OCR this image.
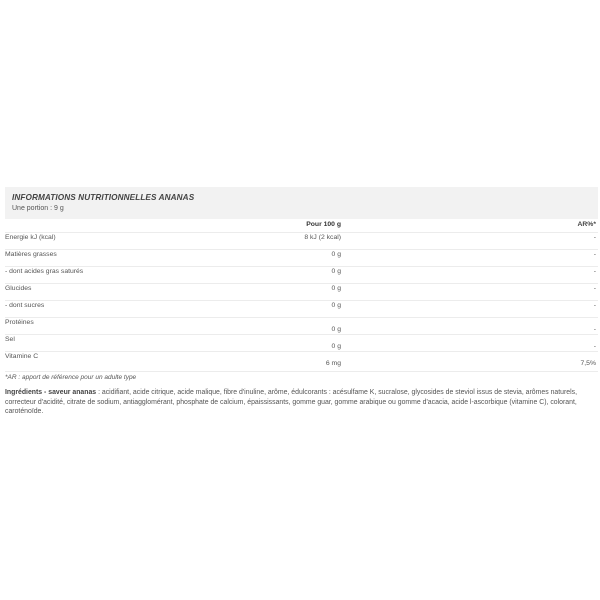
INFORMATIONS NUTRITIONNELLES ANANAS
Une portion : 9 g
	Pour 100 g	AR%*

Energie kJ (kcal)	8 kJ (2 kcal)	-

Matières grasses	0 g	-

- dont acides gras saturés	0 g	-

Glucides	0 g	-

- dont sucres	0 g	-

Protéines	0 g	-

Sel	0 g	-

Vitamine C	6 mg	7,5%
*AR : apport de référence pour un adulte type
Ingrédients - saveur ananas : acidifiant, acide citrique, acide malique, fibre d'inuline, arôme, édulcorants : acésulfame K, sucralose, glycosides de steviol issus de stevia, arômes naturels, correcteur d'acidité, citrate de sodium, antiagglomérant, phosphate de calcium, épaississants, gomme guar, gomme arabique ou gomme d'acacia, acide l-ascorbique (vitamine C), colorant, caroténoïde.
